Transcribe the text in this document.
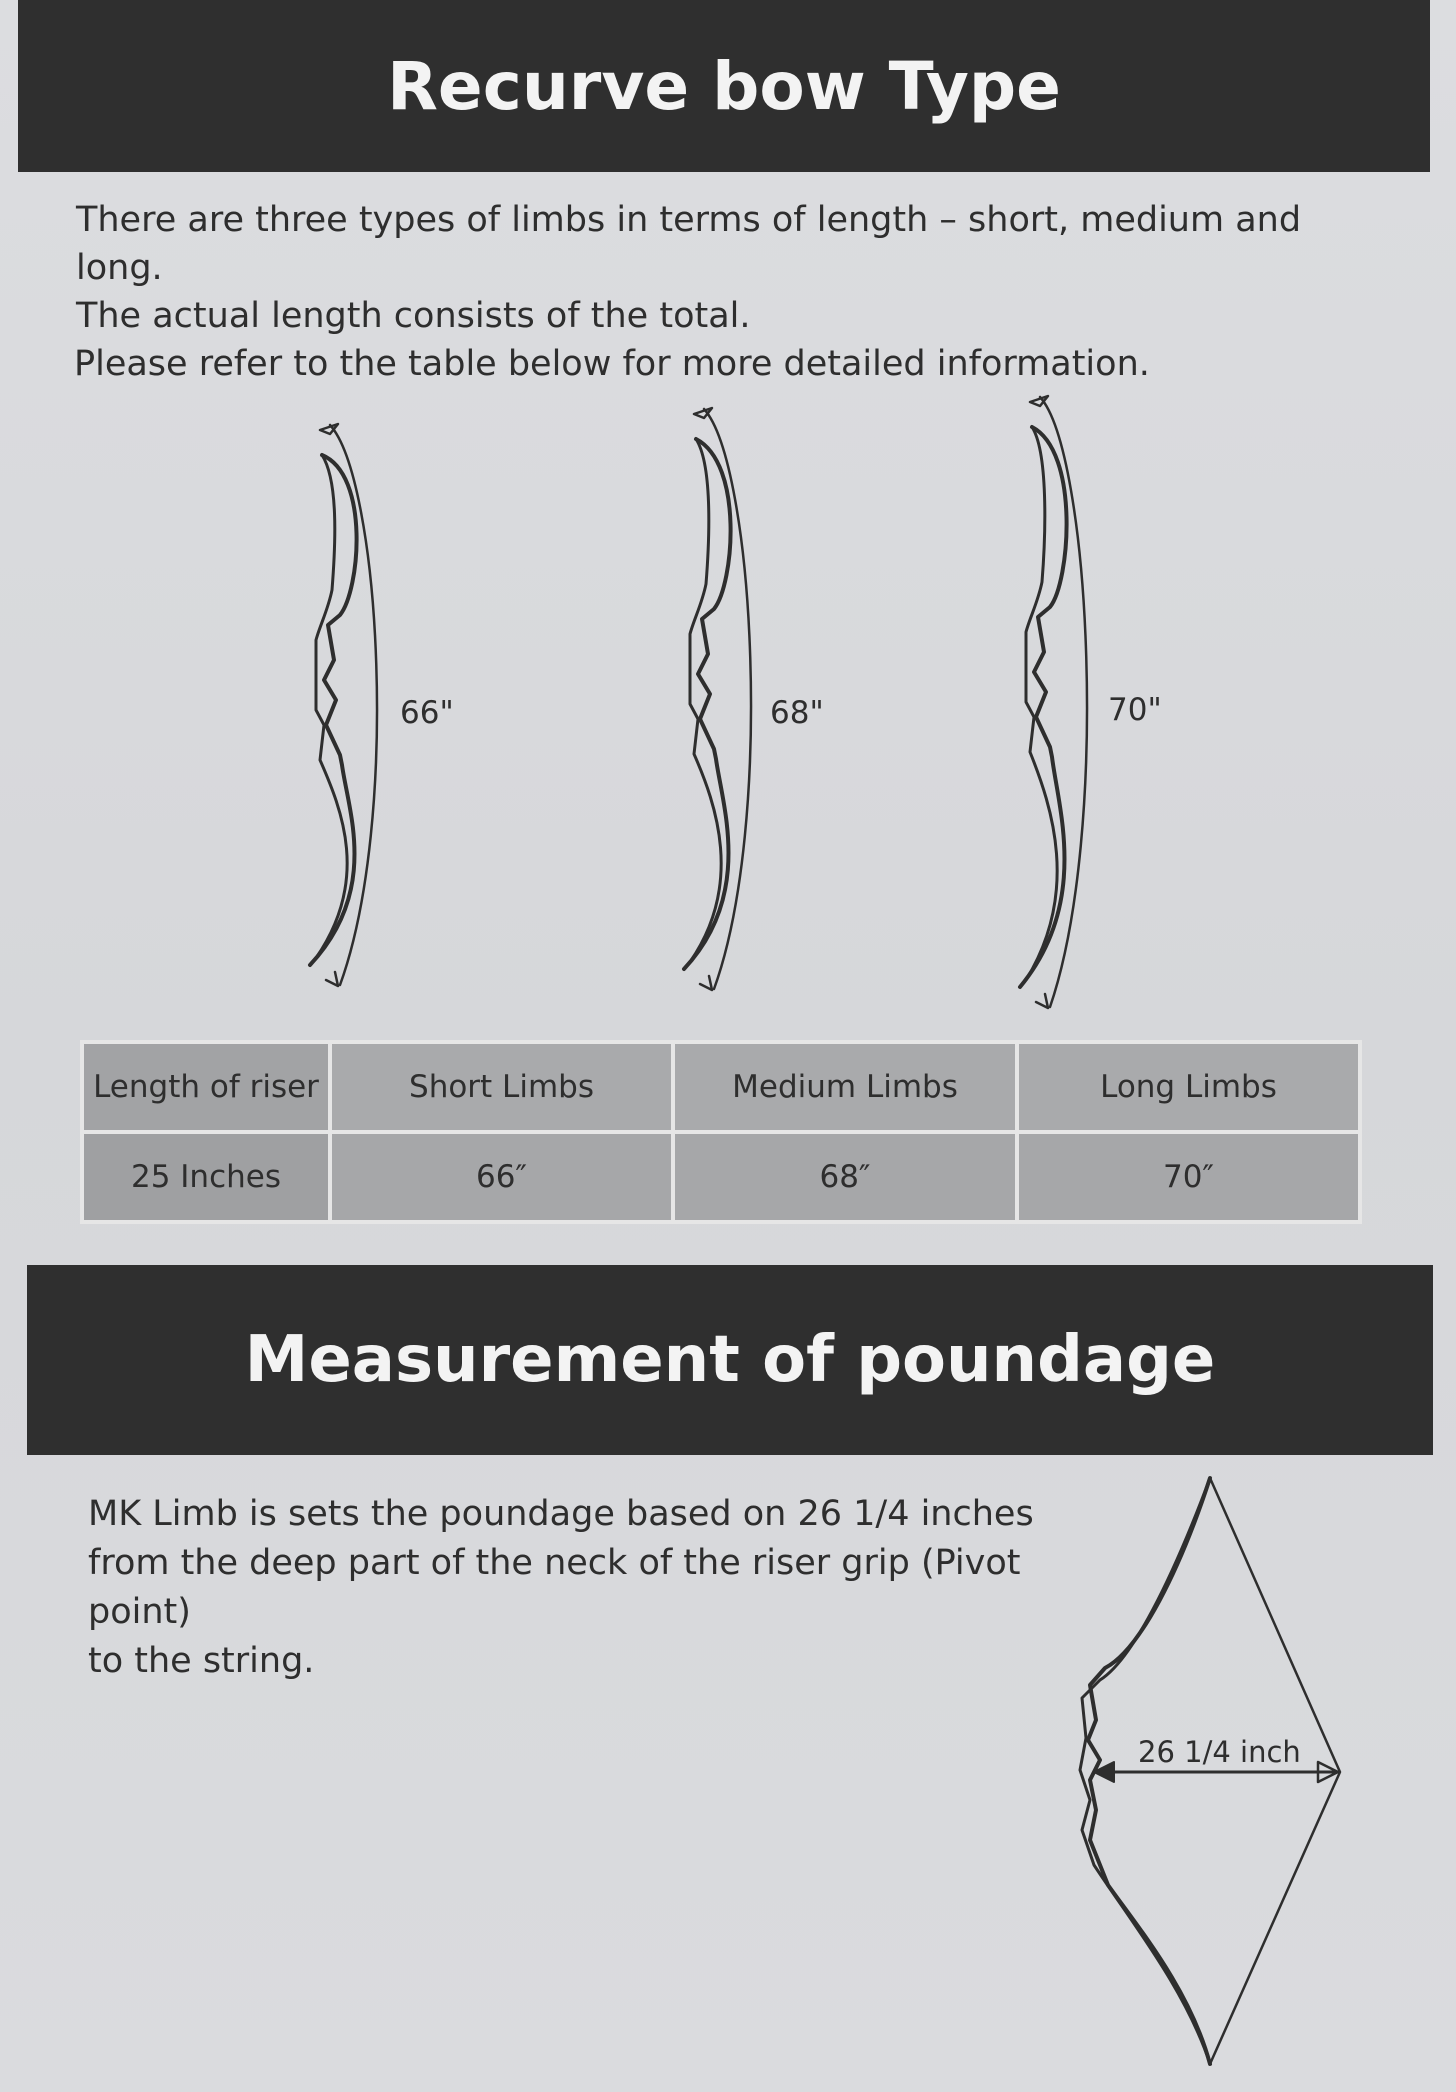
Recurve bow Type
There are three types of limbs in terms of length – short, medium and long.
The actual length consists of the total.
Please refer to the table below for more detailed information.
66"	68"	70"
Length of riser	Short Limbs	Medium Limbs	Long Limbs
25 Inches	66″	68″	70″
Measurement of poundage
MK Limb is sets the poundage based on 26 1/4 inches
from the deep part of the neck of the riser grip (Pivot point)
to the string.
26 1/4 inch
